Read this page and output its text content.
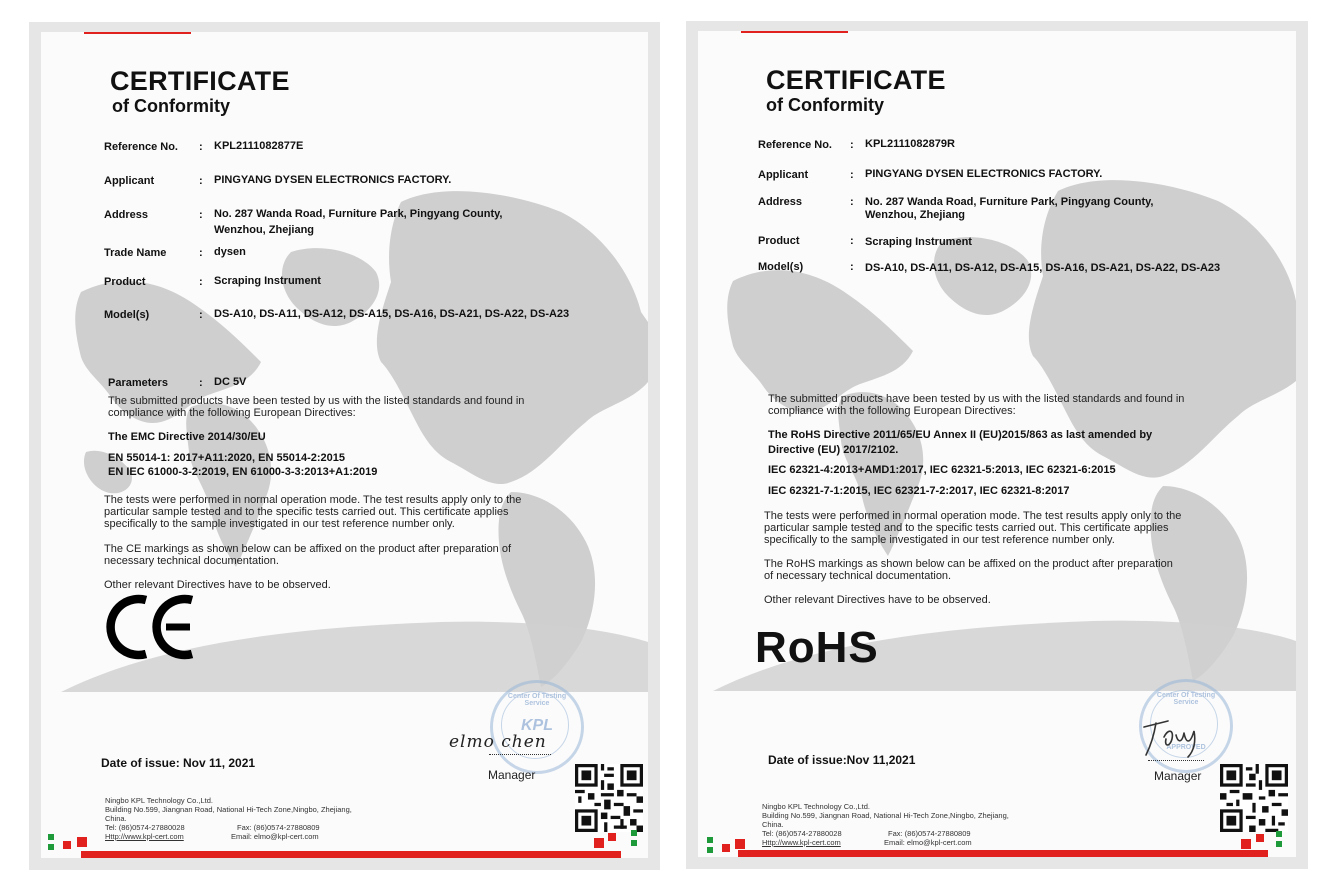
CERTIFICATE
of Conformity
Reference No. : KPL2111082877E
Applicant	: PINGYANG DYSEN ELECTRONICS FACTORY.
Address	: No. 287 Wanda Road, Furniture Park, Pingyang County,
Wenzhou, Zhejiang
Trade Name	: dysen
Product	: Scraping Instrument
Model(s)	: DS-A10, DS-A11, DS-A12, DS-A15, DS-A16, DS-A21, DS-A22, DS-A23
Parameters	: DC 5V
The submitted products have been tested by us with the listed standards and found in
compliance with the following European Directives:
The EMC Directive 2014/30/EU
EN 55014-1: 2017+A11:2020, EN 55014-2:2015
EN IEC 61000-3-2:2019, EN 61000-3-3:2013+A1:2019
The tests were performed in normal operation mode. The test results apply only to the
particular sample tested and to the specific tests carried out. This certificate applies
specifically to the sample investigated in our test reference number only.
The CE markings as shown below can be affixed on the product after preparation of
necessary technical documentation.
Other relevant Directives have to be observed.
Center Of Testing Service
KPL
elmo chen
Manager
Date of issue: Nov 11, 2021
Ningbo KPL Technology Co.,Ltd.
Building No.599, Jiangnan Road, National Hi-Tech Zone,Ningbo, Zhejiang,
China.
Tel: (86)0574-27880028	Fax: (86)0574-27880809
Http://www.kpl-cert.com	Email: elmo@kpl-cert.com
CERTIFICATE
of Conformity
Reference No. : KPL2111082879R
Applicant	: PINGYANG DYSEN ELECTRONICS FACTORY.
Address	: No. 287 Wanda Road, Furniture Park, Pingyang County,
Wenzhou, Zhejiang
Product	: Scraping Instrument
Model(s)	: DS-A10, DS-A11, DS-A12, DS-A15, DS-A16, DS-A21, DS-A22, DS-A23
The submitted products have been tested by us with the listed standards and found in
compliance with the following European Directives:
The RoHS Directive 2011/65/EU Annex II (EU)2015/863 as last amended by
Directive (EU) 2017/2102.
IEC 62321-4:2013+AMD1:2017, IEC 62321-5:2013, IEC 62321-6:2015
IEC 62321-7-1:2015, IEC 62321-7-2:2017, IEC 62321-8:2017
The tests were performed in normal operation mode. The test results apply only to the
particular sample tested and to the specific tests carried out. This certificate applies
specifically to the sample investigated in our test reference number only.
The RoHS markings as shown below can be affixed on the product after preparation
of necessary technical documentation.
Other relevant Directives have to be observed.
RoHS
Center Of Testing Service
APPROVED
Manager
Date of issue:Nov 11,2021
Ningbo KPL Technology Co.,Ltd.
Building No.599, Jiangnan Road, National Hi-Tech Zone,Ningbo, Zhejiang,
China.
Tel: (86)0574-27880028	Fax: (86)0574-27880809
Http://www.kpl-cert.com	Email: elmo@kpl-cert.com
